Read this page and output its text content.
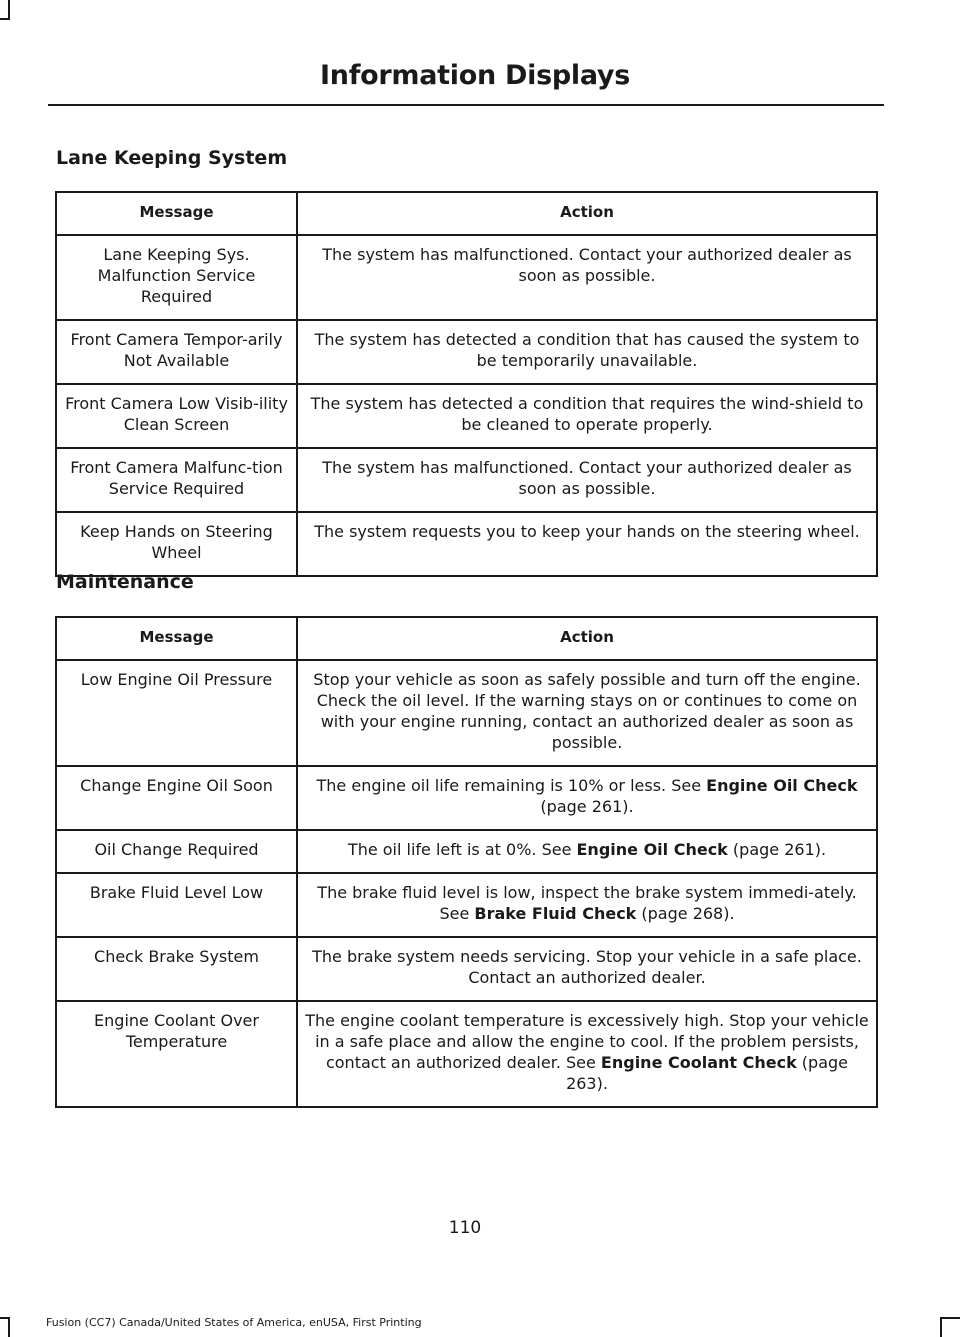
Information Displays
Lane Keeping System
Message	Action
Lane Keeping Sys. Malfunction Service Required	The system has malfunctioned. Contact your authorized dealer as soon as possible.
Front Camera Tempor-arily Not Available	The system has detected a condition that has caused the system to be temporarily unavailable.
Front Camera Low Visib-ility Clean Screen	The system has detected a condition that requires the wind-shield to be cleaned to operate properly.
Front Camera Malfunc-tion Service Required	The system has malfunctioned. Contact your authorized dealer as soon as possible.
Keep Hands on Steering Wheel	The system requests you to keep your hands on the steering wheel.
Maintenance
Message	Action
Low Engine Oil Pressure	Stop your vehicle as soon as safely possible and turn off the engine. Check the oil level. If the warning stays on or continues to come on with your engine running, contact an authorized dealer as soon as possible.
Change Engine Oil Soon	The engine oil life remaining is 10% or less. See Engine Oil Check (page 261).
Oil Change Required	The oil life left is at 0%. See Engine Oil Check (page 261).
Brake Fluid Level Low	The brake fluid level is low, inspect the brake system immedi-ately. See Brake Fluid Check (page 268).
Check Brake System	The brake system needs servicing. Stop your vehicle in a safe place. Contact an authorized dealer.
Engine Coolant Over Temperature	The engine coolant temperature is excessively high. Stop your vehicle in a safe place and allow the engine to cool. If the problem persists, contact an authorized dealer. See Engine Coolant Check (page 263).
110
Fusion (CC7) Canada/United States of America, enUSA, First Printing
